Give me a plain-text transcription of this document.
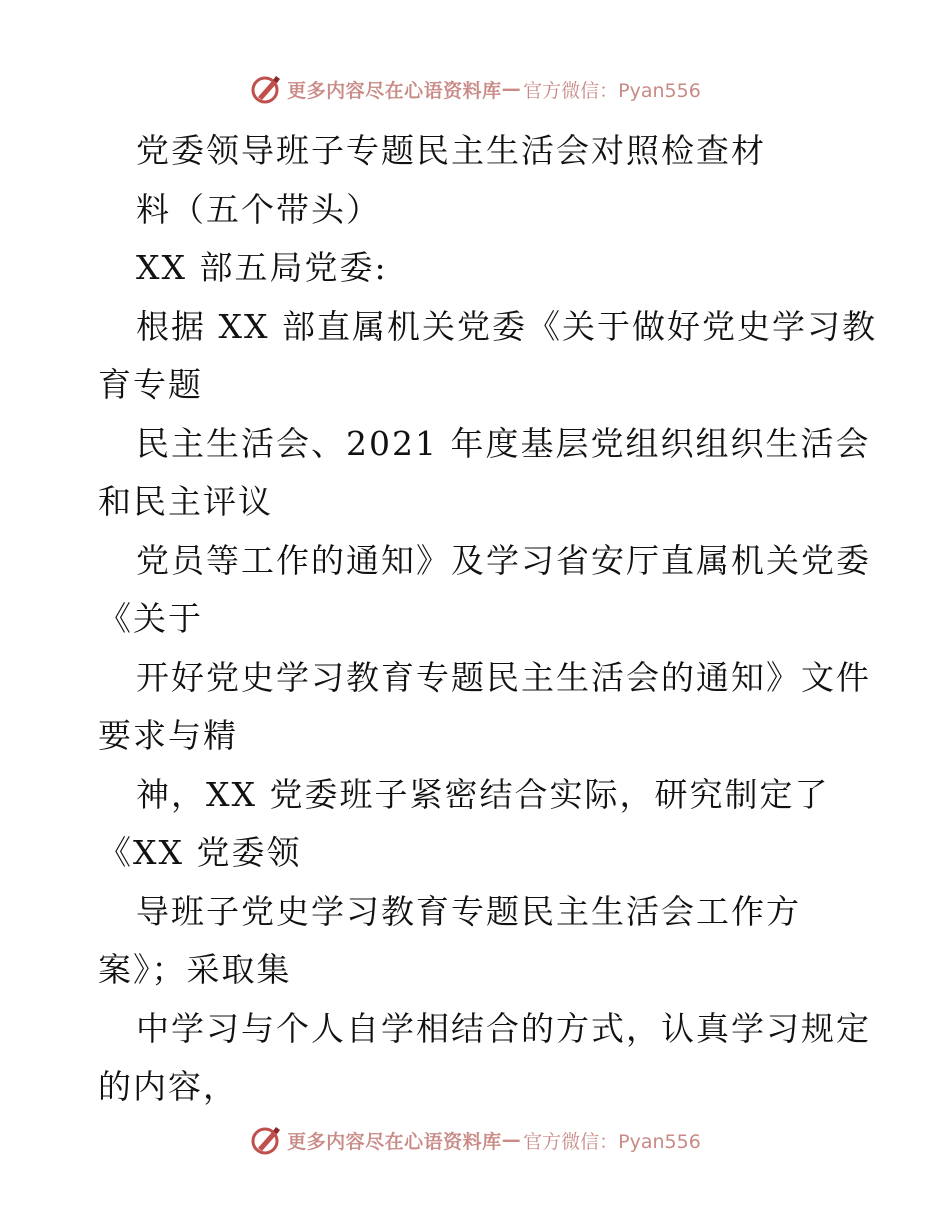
更多内容尽在心语资料库 — 官方微信：Pyan556
党委领导班子专题民主生活会对照检查材
料（五个带头）
XX 部五局党委:
根据 XX 部直属机关党委《关于做好党史学习教
育专题
民主生活会、2021 年度基层党组织组织生活会
和民主评议
党员等工作的通知》及学习省安厅直属机关党委
《关于
开好党史学习教育专题民主生活会的通知》文件
要求与精
神，XX 党委班子紧密结合实际，研究制定了
《XX 党委领
导班子党史学习教育专题民主生活会工作方
案》；采取集
中学习与个人自学相结合的方式，认真学习规定
的内容，
更多内容尽在心语资料库 — 官方微信：Pyan556
